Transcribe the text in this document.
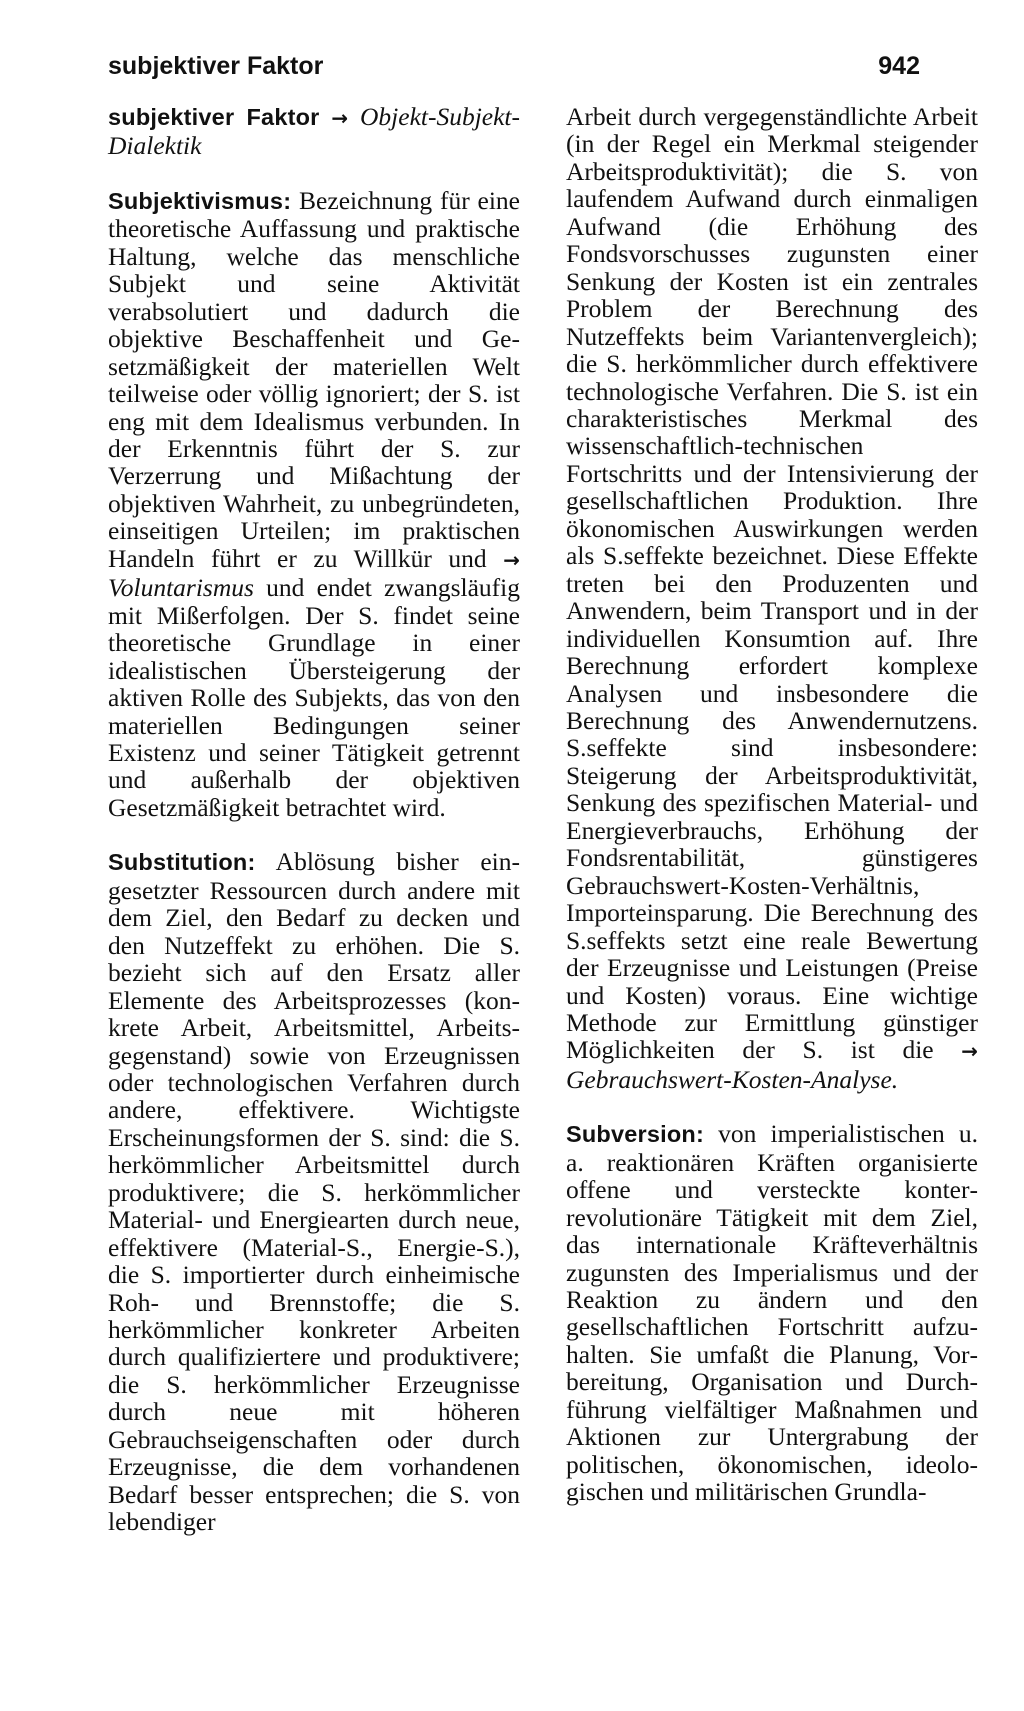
subjektiver Faktor	942

subjektiver Faktor → Objekt-Subjekt-Dialektik

Subjektivismus: Bezeichnung für eine theoretische Auffassung und praktische Haltung, welche das menschliche Subjekt und seine Aktivität verabsolutiert und dadurch die objektive Beschaffenheit und Gesetzmäßigkeit der materiellen Welt teilweise oder völlig ignoriert; der S. ist eng mit dem Idealismus verbunden. In der Erkenntnis führt der S. zur Verzerrung und Mißachtung der objektiven Wahrheit, zu unbegründeten, einseitigen Urteilen; im praktischen Handeln führt er zu Willkür und → Voluntarismus und endet zwangsläufig mit Mißerfolgen. Der S. findet seine theoretische Grundlage in einer idealistischen Übersteigerung der aktiven Rolle des Subjekts, das von den materiellen Bedingungen seiner Existenz und seiner Tätigkeit getrennt und außerhalb der objektiven Gesetzmäßigkeit betrachtet wird.

Substitution: Ablösung bisher eingesetzter Ressourcen durch andere mit dem Ziel, den Bedarf zu decken und den Nutzeffekt zu erhöhen. Die S. bezieht sich auf den Ersatz aller Elemente des Arbeitsprozesses (konkrete Arbeit, Arbeitsmittel, Arbeitsgegenstand) sowie von Erzeugnissen oder technologischen Verfahren durch andere, effektivere. Wichtigste Erscheinungsformen der S. sind: die S. herkömmlicher Arbeitsmittel durch produktivere; die S. herkömmlicher Material- und Energiearten durch neue, effektivere (Material-S., Energie-S.), die S. importierter durch einheimische Roh- und Brennstoffe; die S. herkömmlicher konkreter Arbeiten durch qualifiziertere und produktivere; die S. herkömmlicher Erzeugnisse durch neue mit höheren Gebrauchseigenschaften oder durch Erzeugnisse, die dem vorhandenen Bedarf besser entsprechen; die S. von lebendiger

Arbeit durch vergegenständlichte Arbeit (in der Regel ein Merkmal steigender Arbeitsproduktivität); die S. von laufendem Aufwand durch einmaligen Aufwand (die Erhöhung des Fondsvorschusses zugunsten einer Senkung der Kosten ist ein zentrales Problem der Berechnung des Nutzeffekts beim Variantenvergleich); die S. herkömmlicher durch effektivere technologische Verfahren. Die S. ist ein charakteristisches Merkmal des wissenschaftlich-technischen Fortschritts und der Intensivierung der gesellschaftlichen Produktion. Ihre ökonomischen Auswirkungen werden als S.seffekte bezeichnet. Diese Effekte treten bei den Produzenten und Anwendern, beim Transport und in der individuellen Konsumtion auf. Ihre Berechnung erfordert komplexe Analysen und insbesondere die Berechnung des Anwendernutzens. S.seffekte sind insbesondere: Steigerung der Arbeitsproduktivität, Senkung des spezifischen Material- und Energieverbrauchs, Erhöhung der Fondsrentabilität, günstigeres Gebrauchswert-Kosten-Verhältnis, Importeinsparung. Die Berechnung des S.seffekts setzt eine reale Bewertung der Erzeugnisse und Leistungen (Preise und Kosten) voraus. Eine wichtige Methode zur Ermittlung günstiger Möglichkeiten der S. ist die → Gebrauchswert-Kosten-Analyse.

Subversion: von imperialistischen u. a. reaktionären Kräften organisierte offene und versteckte konterrevolutionäre Tätigkeit mit dem Ziel, das internationale Kräfteverhältnis zugunsten des Imperialismus und der Reaktion zu ändern und den gesellschaftlichen Fortschritt aufzuhalten. Sie umfaßt die Planung, Vorbereitung, Organisation und Durchführung vielfältiger Maßnahmen und Aktionen zur Untergrabung der politischen, ökonomischen, ideologischen und militärischen Grundla-
